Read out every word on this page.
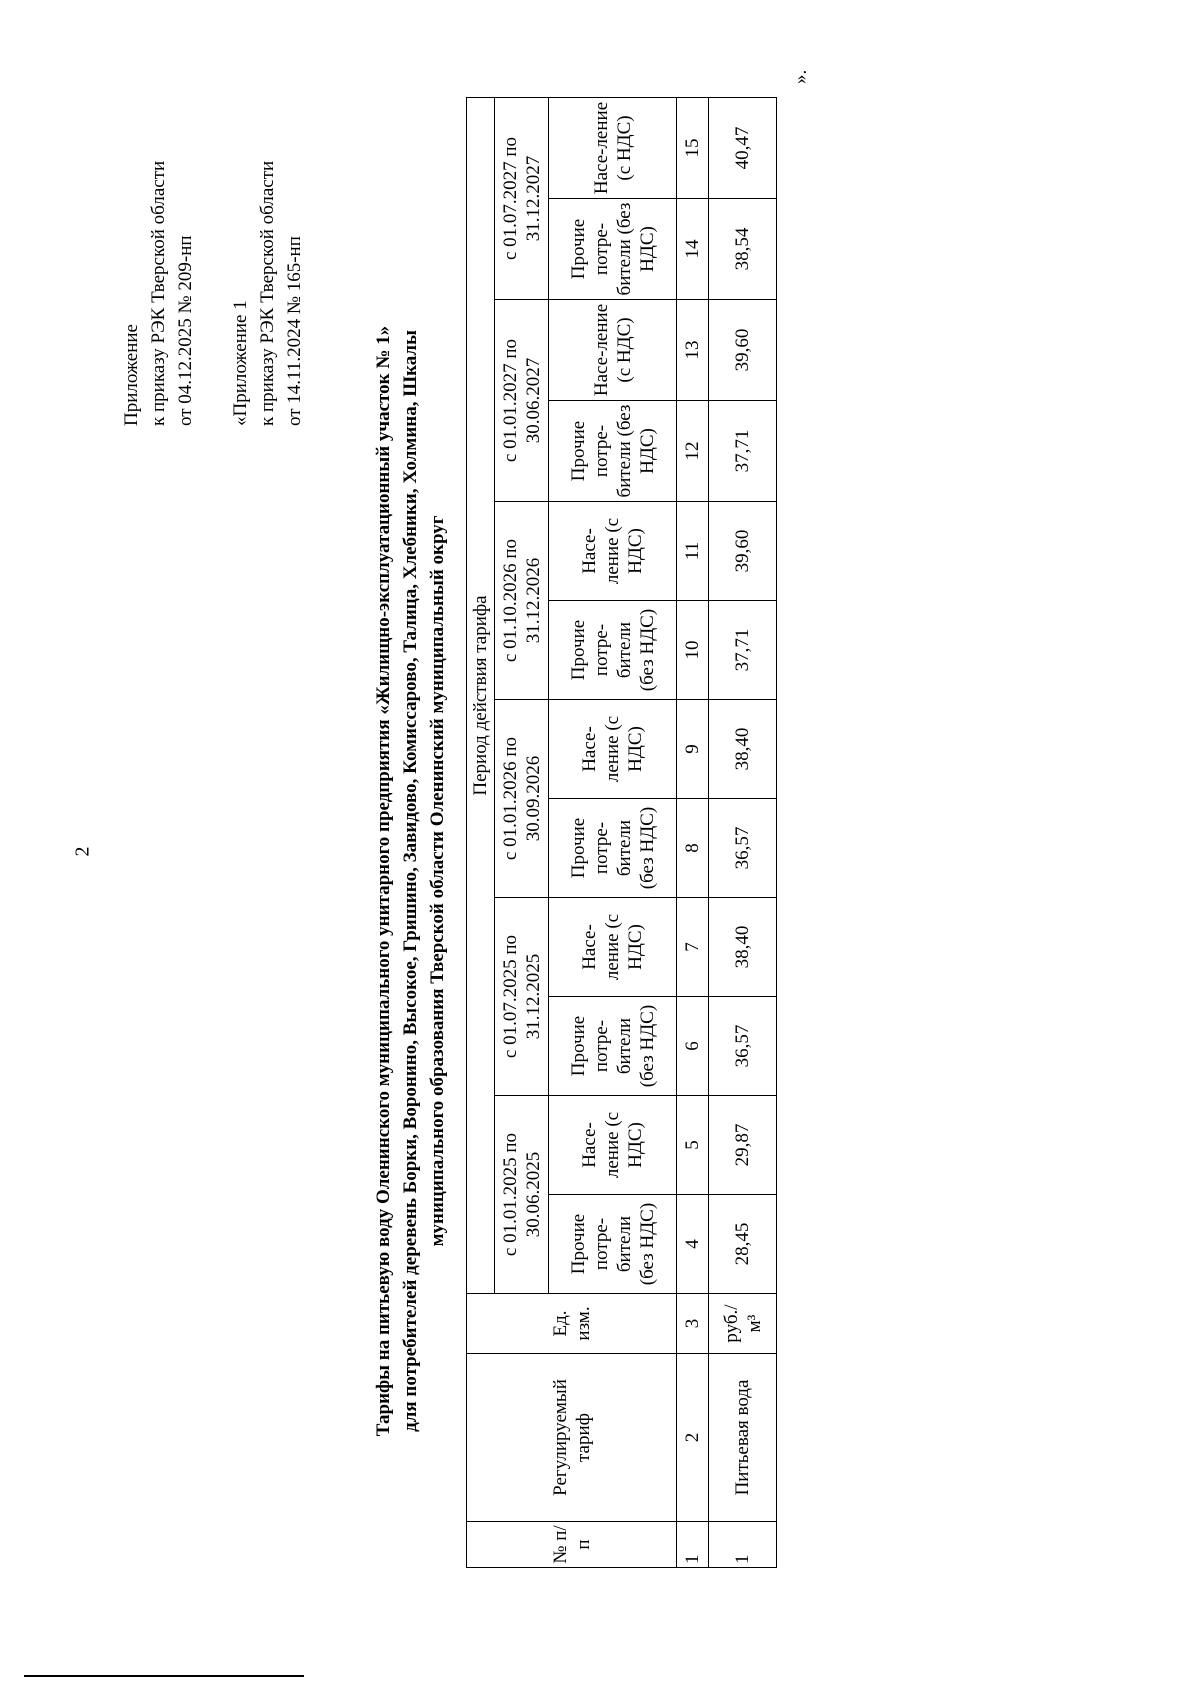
2
Приложение к приказу РЭК Тверской области от 04.12.2025 № 209-нп «Приложение 1 к приказу РЭК Тверской области от 14.11.2024 № 165-нп	Тарифы на питьевую воду Оленинского муниципального унитарного предприятия «Жилищно-эксплуатационный участок № 1» для потребителей деревень Борки, Воронино, Высокое, Гришино, Завидово, Комиссарово, Талица, Хлебники, Холмина, Шкалы муниципального образования Тверской области Оленинский муниципальный округ
№ п/п	Регулируемый тариф	Ед. изм.	Период действия тарифа											
			с 01.01.2025 по 30.06.2025		с 01.07.2025 по 31.12.2025		с 01.01.2026 по 30.09.2026		с 01.10.2026 по 31.12.2026		с 01.01.2027 по 30.06.2027		с 01.07.2027 по 31.12.2027	
			Прочие потре-бители (без НДС)	Насе-ление (с НДС)	Прочие потре-бители (без НДС)	Насе-ление (с НДС)	Прочие потре-бители (без НДС)	Насе-ление (с НДС)	Прочие потре-бители (без НДС)	Насе-ление (с НДС)	Прочие потре-бители (без НДС)	Насе-ление (с НДС)	Прочие потре-бители (без НДС)	Насе-ление (с НДС)
1	2	3	4	5	6	7	8	9	10	11	12	13	14	15
1	Питьевая вода	руб./м³	28,45	29,87	36,57	38,40	36,57	38,40	37,71	39,60	37,71	39,60	38,54	40,47
».
